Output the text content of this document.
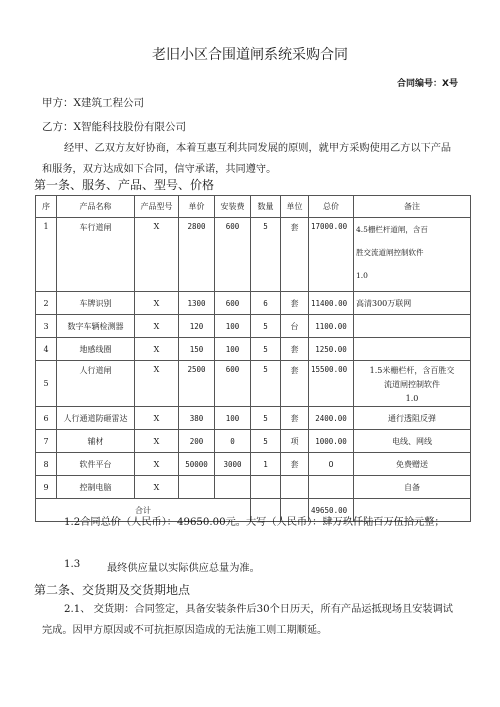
老旧小区合围道闸系统采购合同
合同编号：X号
甲方：X建筑工程公司
乙方：X智能科技股份有限公司
经甲、乙双方友好协商，本着互惠互利共同发展的原则，就甲方采购使用乙方以下产品和服务，双方达成如下合同，信守承诺，共同遵守。
第一条、服务、产品、型号、价格
序	产品名称	产品型号	单价	安装费	数量	单位	总价	备注
1	车行道闸	X	2800	600	5	套	17000.00	4.5栅栏杆道闸，含百
胜交流道闸控制软件
1.0

2	车牌识别	X	1300	600	6	套	11400.00	高清300万联网
3	数字车辆检测器	X	120	100	5	台	1100.00	
4	地感线圈	X	150	100	5	套	1250.00	
5	人行道闸	X	2500	600	5	套	15500.00	1.5米栅栏杆，含百胜交
流道闸控制软件
1.0

6	人行通道防砸雷达	X	380	100	5	套	2400.00	通行透阻反弹
7	辅材	X	200	0	5	项	1000.00	电线、网线
8	软件平台	X	50000	3000	1	套	0	免费赠送
9	控制电脑	X						自备
合计							49650.00	
1.2合同总价（人民币）：49650.00元。大写（人民币）：肆万玖仟陆百万伍拾元整；
1.3	最终供应量以实际供应总量为准。
第二条、交货期及交货期地点
2.1、 交货期：合同签定，具备安装条件后30个日历天，所有产品运抵现场且安装调试完成。因甲方原因或不可抗拒原因造成的无法施工则工期顺延。
